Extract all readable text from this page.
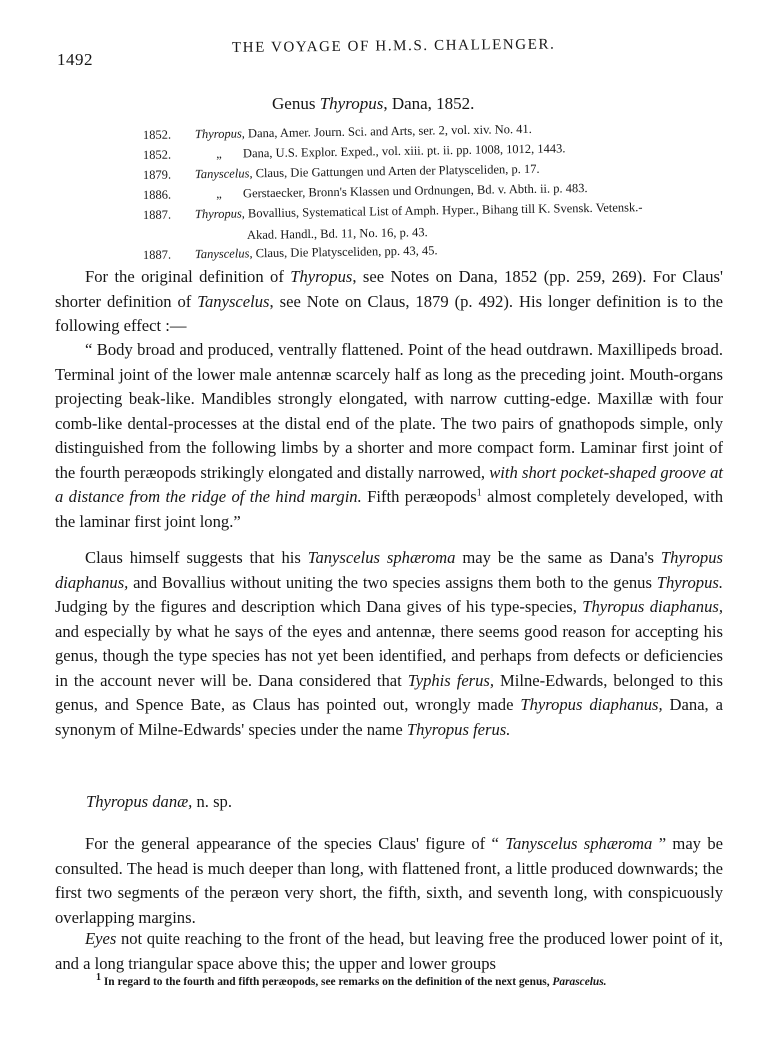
1492
THE VOYAGE OF H.M.S. CHALLENGER.
Genus Thyropus, Dana, 1852.
1852. Thyropus, Dana, Amer. Journ. Sci. and Arts, ser. 2, vol. xiv. No. 41.
1852.	„ Dana, U.S. Explor. Exped., vol. xiii. pt. ii. pp. 1008, 1012, 1443.
1879. Tanyscelus, Claus, Die Gattungen und Arten der Platysceliden, p. 17.
1886.	„ Gerstaecker, Bronn's Klassen und Ordnungen, Bd. v. Abth. ii. p. 483.
1887. Thyropus, Bovallius, Systematical List of Amph. Hyper., Bihang till K. Svensk. Vetensk.-
Akad. Handl., Bd. 11, No. 16, p. 43.
1887. Tanyscelus, Claus, Die Platysceliden, pp. 43, 45.

For the original definition of Thyropus, see Notes on Dana, 1852 (pp. 259, 269). For Claus' shorter definition of Tanyscelus, see Note on Claus, 1879 (p. 492). His longer definition is to the following effect :—

“ Body broad and produced, ventrally flattened. Point of the head outdrawn. Maxillipeds broad. Terminal joint of the lower male antennæ scarcely half as long as the preceding joint. Mouth-organs projecting beak-like. Mandibles strongly elongated, with narrow cutting-edge. Maxillæ with four comb-like dental-processes at the distal end of the plate. The two pairs of gnathopods simple, only distinguished from the following limbs by a shorter and more compact form. Laminar first joint of the fourth peræopods strikingly elongated and distally narrowed, with short pocket-shaped groove at a distance from the ridge of the hind margin. Fifth peræopods$^1$ almost completely developed, with the laminar first joint long.”

Claus himself suggests that his Tanyscelus sphæroma may be the same as Dana's Thyropus diaphanus, and Bovallius without uniting the two species assigns them both to the genus Thyropus. Judging by the figures and description which Dana gives of his type-species, Thyropus diaphanus, and especially by what he says of the eyes and antennæ, there seems good reason for accepting his genus, though the type species has not yet been identified, and perhaps from defects or deficiencies in the account never will be. Dana considered that Typhis ferus, Milne-Edwards, belonged to this genus, and Spence Bate, as Claus has pointed out, wrongly made Thyropus diaphanus, Dana, a synonym of Milne-Edwards' species under the name Thyropus ferus.

Thyropus danæ, n. sp.

For the general appearance of the species Claus' figure of “ Tanyscelus sphæroma ” may be consulted. The head is much deeper than long, with flattened front, a little produced downwards; the first two segments of the peræon very short, the fifth, sixth, and seventh long, with conspicuously overlapping margins.

Eyes not quite reaching to the front of the head, but leaving free the produced lower point of it, and a long triangular space above this; the upper and lower groups

$^1$ In regard to the fourth and fifth peræopods, see remarks on the definition of the next genus, Parascelus.
